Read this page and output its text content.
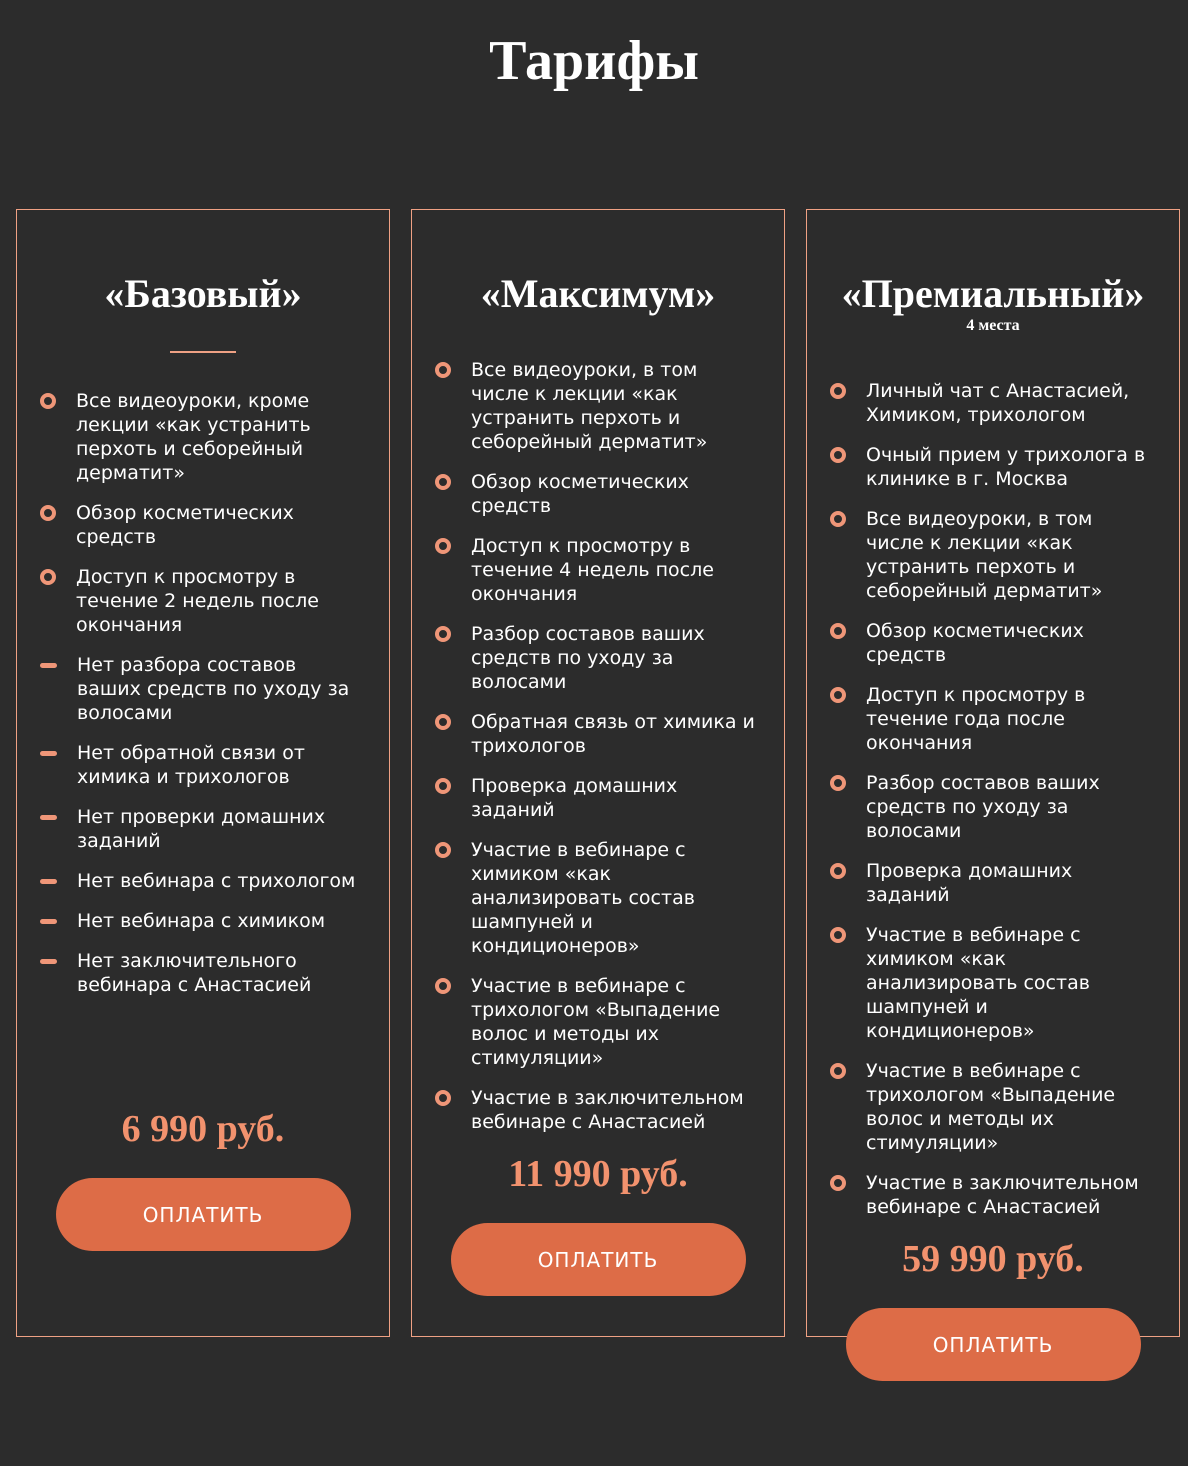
Тарифы
«Базовый»
Все видеоуроки, кроме лекции «как устранить перхоть и себорейный дерматит»
Обзор косметических средств
Доступ к просмотру в течение 2 недель после окончания
Нет разбора составов ваших средств по уходу за волосами
Нет обратной связи от химика и трихологов
Нет проверки домашних заданий
Нет вебинара с трихологом
Нет вебинара с химиком
Нет заключительного вебинара с Анастасией
6 990 руб.
ОПЛАТИТЬ
«Максимум»
Все видеоуроки, в том числе к лекции «как устранить перхоть и себорейный дерматит»
Обзор косметических средств
Доступ к просмотру в течение 4 недель после окончания
Разбор составов ваших средств по уходу за волосами
Обратная связь от химика и трихологов
Проверка домашних заданий
Участие в вебинаре с химиком «как анализировать состав шампуней и кондиционеров»
Участие в вебинаре с трихологом «Выпадение волос и методы их стимуляции»
Участие в заключительном вебинаре с Анастасией
11 990 руб.
ОПЛАТИТЬ
«Премиальный»
4 места
Личный чат с Анастасией, Химиком, трихологом
Очный прием у трихолога в клинике в г. Москва
Все видеоуроки, в том числе к лекции «как устранить перхоть и себорейный дерматит»
Обзор косметических средств
Доступ к просмотру в течение года после окончания
Разбор составов ваших средств по уходу за волосами
Проверка домашних заданий
Участие в вебинаре с химиком «как анализировать состав шампуней и кондиционеров»
Участие в вебинаре с трихологом «Выпадение волос и методы их стимуляции»
Участие в заключительном вебинаре с Анастасией
59 990 руб.
ОПЛАТИТЬ
